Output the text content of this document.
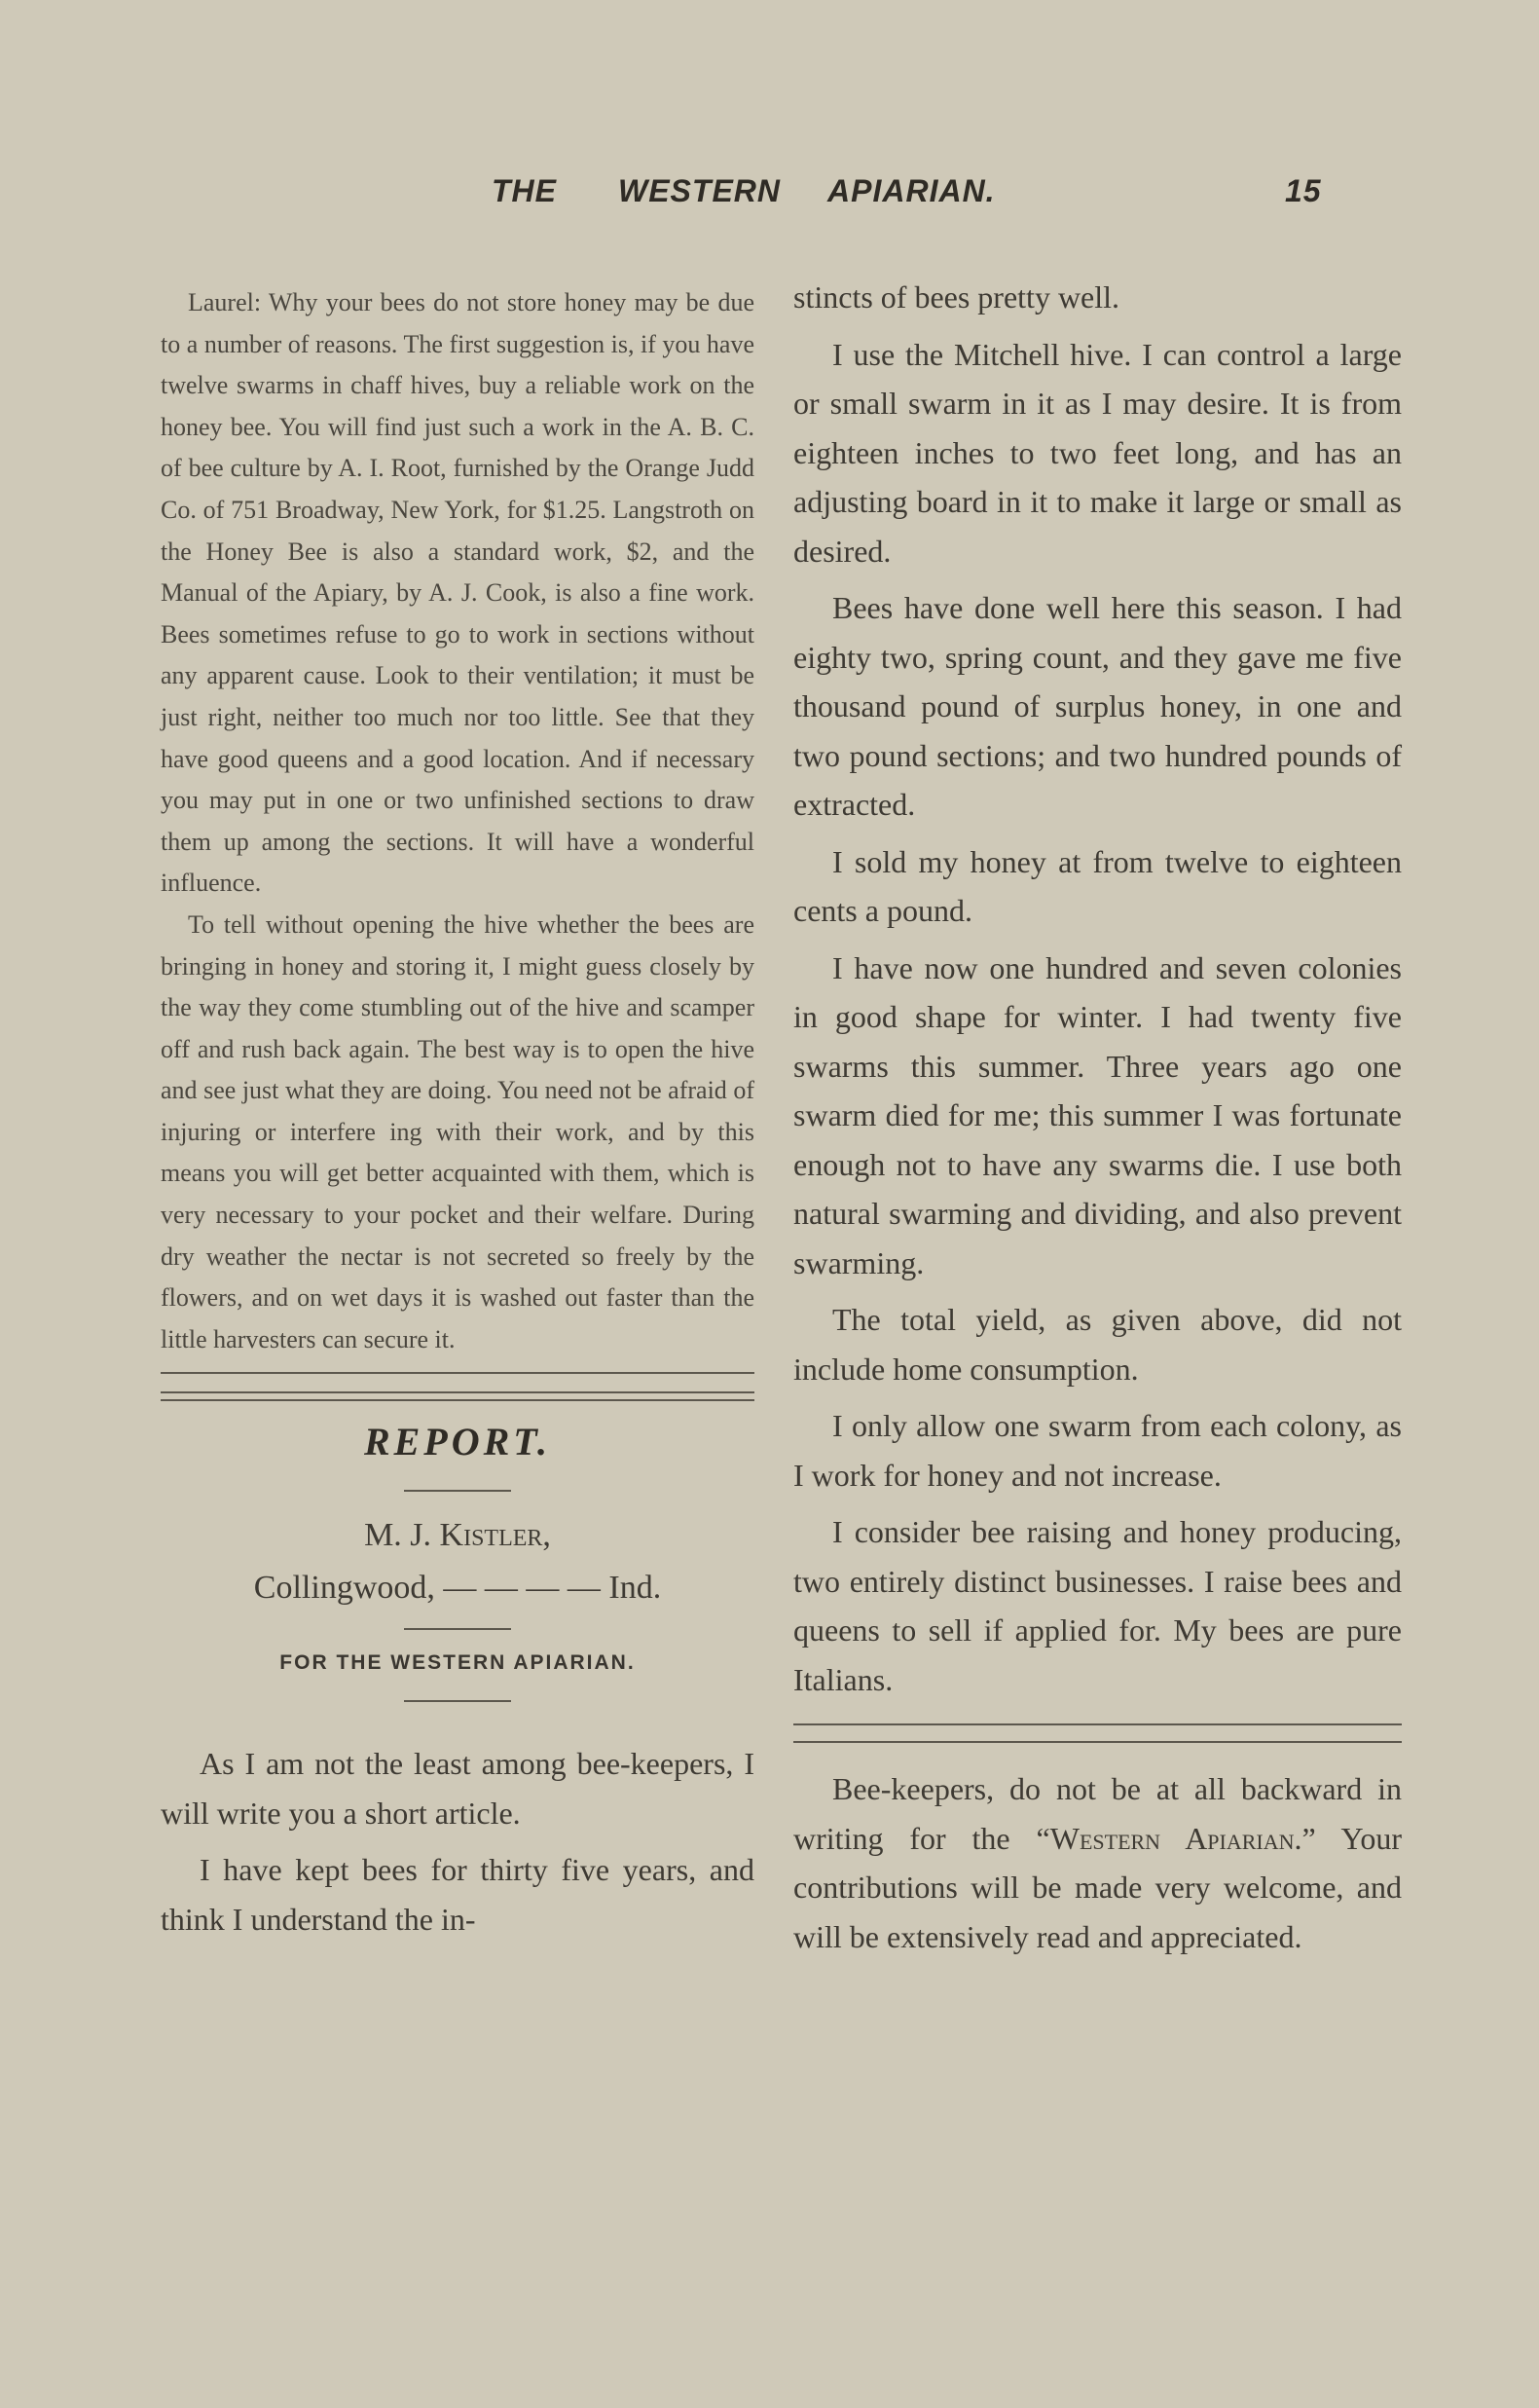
THE WESTERN APIARIAN.	15

Laurel: Why your bees do not store honey may be due to a number of reasons. The first suggestion is, if you have twelve swarms in chaff hives, buy a reliable work on the honey bee. You will find just such a work in the A. B. C. of bee culture by A. I. Root, furnished by the Orange Judd Co. of 751 Broadway, New York, for $1.25. Langstroth on the Honey Bee is also a standard work, $2, and the Manual of the Apiary, by A. J. Cook, is also a fine work. Bees sometimes refuse to go to work in sections without any apparent cause. Look to their ventilation; it must be just right, neither too much nor too little. See that they have good queens and a good location. And if necessary you may put in one or two unfinished sections to draw them up among the sections. It will have a wonderful influence.

To tell without opening the hive whether the bees are bringing in honey and storing it, I might guess closely by the way they come stumbling out of the hive and scamper off and rush back again. The best way is to open the hive and see just what they are doing. You need not be afraid of injuring or interfere ing with their work, and by this means you will get better acquainted with them, which is very necessary to your pocket and their welfare. During dry weather the nectar is not secreted so freely by the flowers, and on wet days it is washed out faster than the little harvesters can secure it.

REPORT.
M. J. Kistler,
Collingwood, — — — — Ind.
FOR THE WESTERN APIARIAN.

As I am not the least among bee-keepers, I will write you a short article.

I have kept bees for thirty five years, and think I understand the in-

stincts of bees pretty well.

I use the Mitchell hive. I can control a large or small swarm in it as I may desire. It is from eighteen inches to two feet long, and has an adjusting board in it to make it large or small as desired.

Bees have done well here this season. I had eighty two, spring count, and they gave me five thousand pound of surplus honey, in one and two pound sections; and two hundred pounds of extracted.

I sold my honey at from twelve to eighteen cents a pound.

I have now one hundred and seven colonies in good shape for winter. I had twenty five swarms this summer. Three years ago one swarm died for me; this summer I was fortunate enough not to have any swarms die. I use both natural swarming and dividing, and also prevent swarming.

The total yield, as given above, did not include home consumption.

I only allow one swarm from each colony, as I work for honey and not increase.

I consider bee raising and honey producing, two entirely distinct businesses. I raise bees and queens to sell if applied for. My bees are pure Italians.

Bee-keepers, do not be at all backward in writing for the “Western Apiarian.” Your contributions will be made very welcome, and will be extensively read and appreciated.
